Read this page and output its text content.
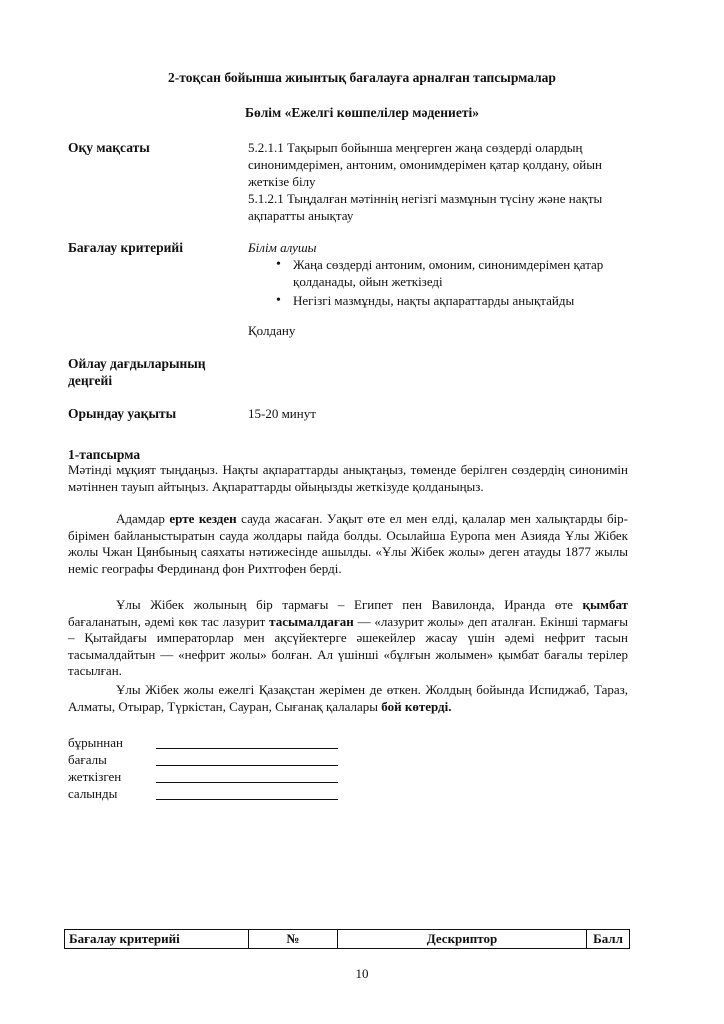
2-тоқсан бойынша жиынтық бағалауға арналған тапсырмалар
Бөлім «Ежелгі көшпелілер мәдениеті»
Оқу мақсаты	5.2.1.1 Тақырып бойынша меңгерген жаңа сөздерді олардың синонимдерімен, антоним, омонимдерімен қатар қолдану, ойын жеткізе білу
5.1.2.1 Тыңдалған мәтіннің негізгі мазмұнын түсіну және нақты ақпаратты анықтау
Бағалау критерийі	Білім алушы
• Жаңа сөздерді антоним, омоним, синонимдерімен қатар қолданады, ойын жеткізеді
• Негізгі мазмұнды, нақты ақпараттарды анықтайды
Қолдану
Ойлау дағдыларының деңгейі
Орындау уақыты	15-20 минут
1-тапсырма
Мәтінді мұқият тыңдаңыз. Нақты ақпараттарды анықтаңыз, төменде берілген сөздердің синонимін мәтіннен тауып айтыңыз. Ақпараттарды ойыңызды жеткізуде қолданыңыз.
Адамдар ерте кезден сауда жасаған. Уақыт өте ел мен елді, қалалар мен халықтарды бір-бірімен байланыстыратын сауда жолдары пайда болды. Осылайша Еуропа мен Азияда Ұлы Жібек жолы Чжан Цянбының саяхаты нәтижесінде ашылды. «Ұлы Жібек жолы» деген атауды 1877 жылы неміс географы Фердинанд фон Рихтгофен берді.
Ұлы Жібек жолының бір тармағы – Египет пен Вавилонда, Иранда өте қымбат бағаланатын, әдемі көк тас лазурит тасымалдаған — «лазурит жолы» деп аталған. Екінші тармағы – Қытайдағы императорлар мен ақсүйектерге әшекейлер жасау үшін әдемі нефрит тасын тасымалдайтын — «нефрит жолы» болған. Ал үшінші «бұлғын жолымен» қымбат бағалы терілер тасылған.
Ұлы Жібек жолы ежелгі Қазақстан жерімен де өткен. Жолдың бойында Испиджаб, Тараз, Алматы, Отырар, Түркістан, Сауран, Сығанақ қалалары бой көтерді.
бұрыннан
бағалы
жеткізген
салынды
Бағалау критерийі	№	Дескриптор	Балл
10
